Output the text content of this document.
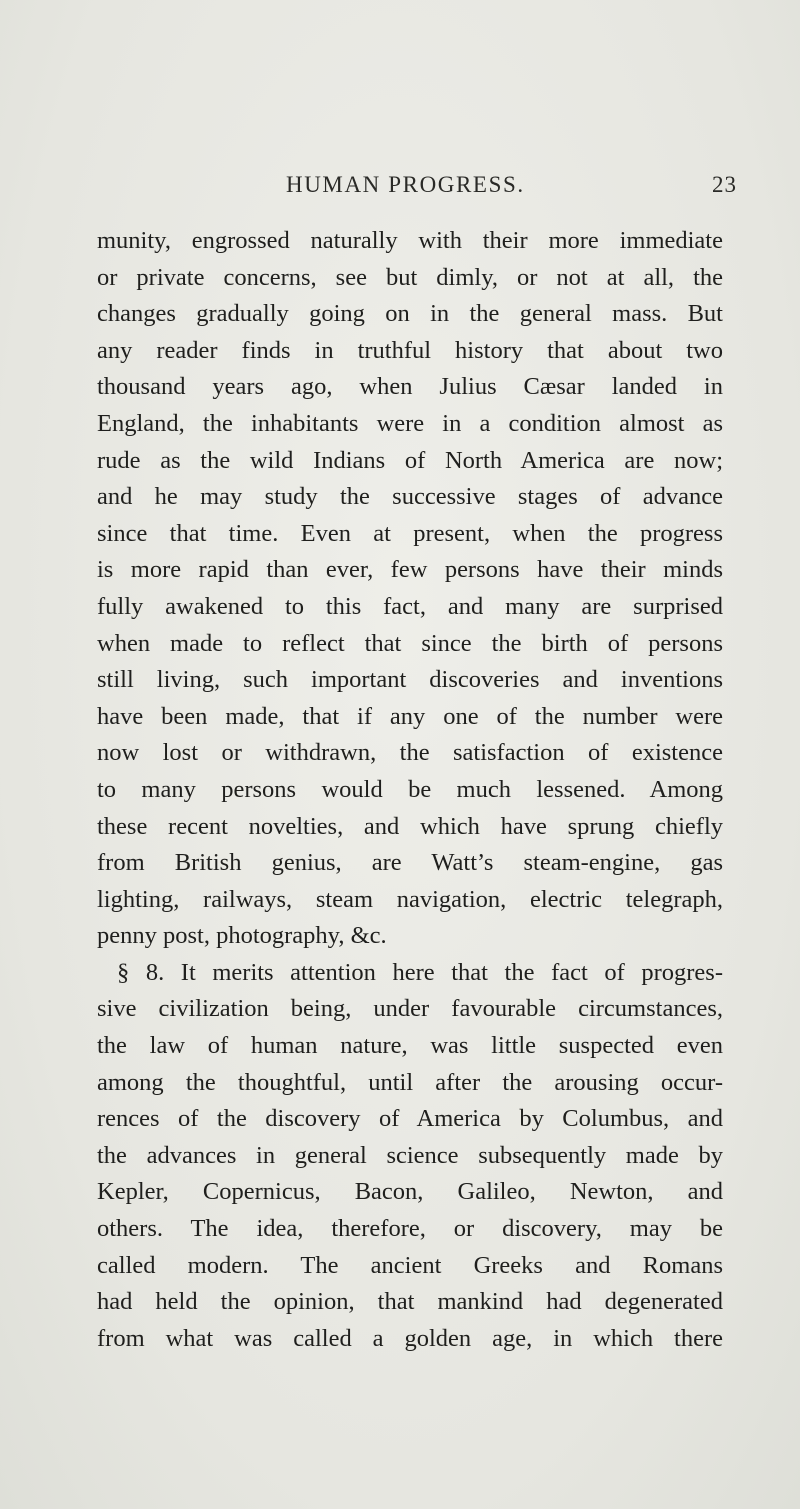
HUMAN PROGRESS.	23
munity, engrossed naturally with their more immediate
or private concerns, see but dimly, or not at all, the
changes gradually going on in the general mass. But
any reader finds in truthful history that about two
thousand years ago, when Julius Cæsar landed in
England, the inhabitants were in a condition almost as
rude as the wild Indians of North America are now;
and he may study the successive stages of advance
since that time. Even at present, when the progress
is more rapid than ever, few persons have their minds
fully awakened to this fact, and many are surprised
when made to reflect that since the birth of persons
still living, such important discoveries and inventions
have been made, that if any one of the number were
now lost or withdrawn, the satisfaction of existence
to many persons would be much lessened. Among
these recent novelties, and which have sprung chiefly
from British genius, are Watt’s steam-engine, gas
lighting, railways, steam navigation, electric telegraph,
penny post, photography, &c.
§ 8. It merits attention here that the fact of progres-
sive civilization being, under favourable circumstances,
the law of human nature, was little suspected even
among the thoughtful, until after the arousing occur-
rences of the discovery of America by Columbus, and
the advances in general science subsequently made by
Kepler, Copernicus, Bacon, Galileo, Newton, and
others. The idea, therefore, or discovery, may be
called modern. The ancient Greeks and Romans
had held the opinion, that mankind had degenerated
from what was called a golden age, in which there
